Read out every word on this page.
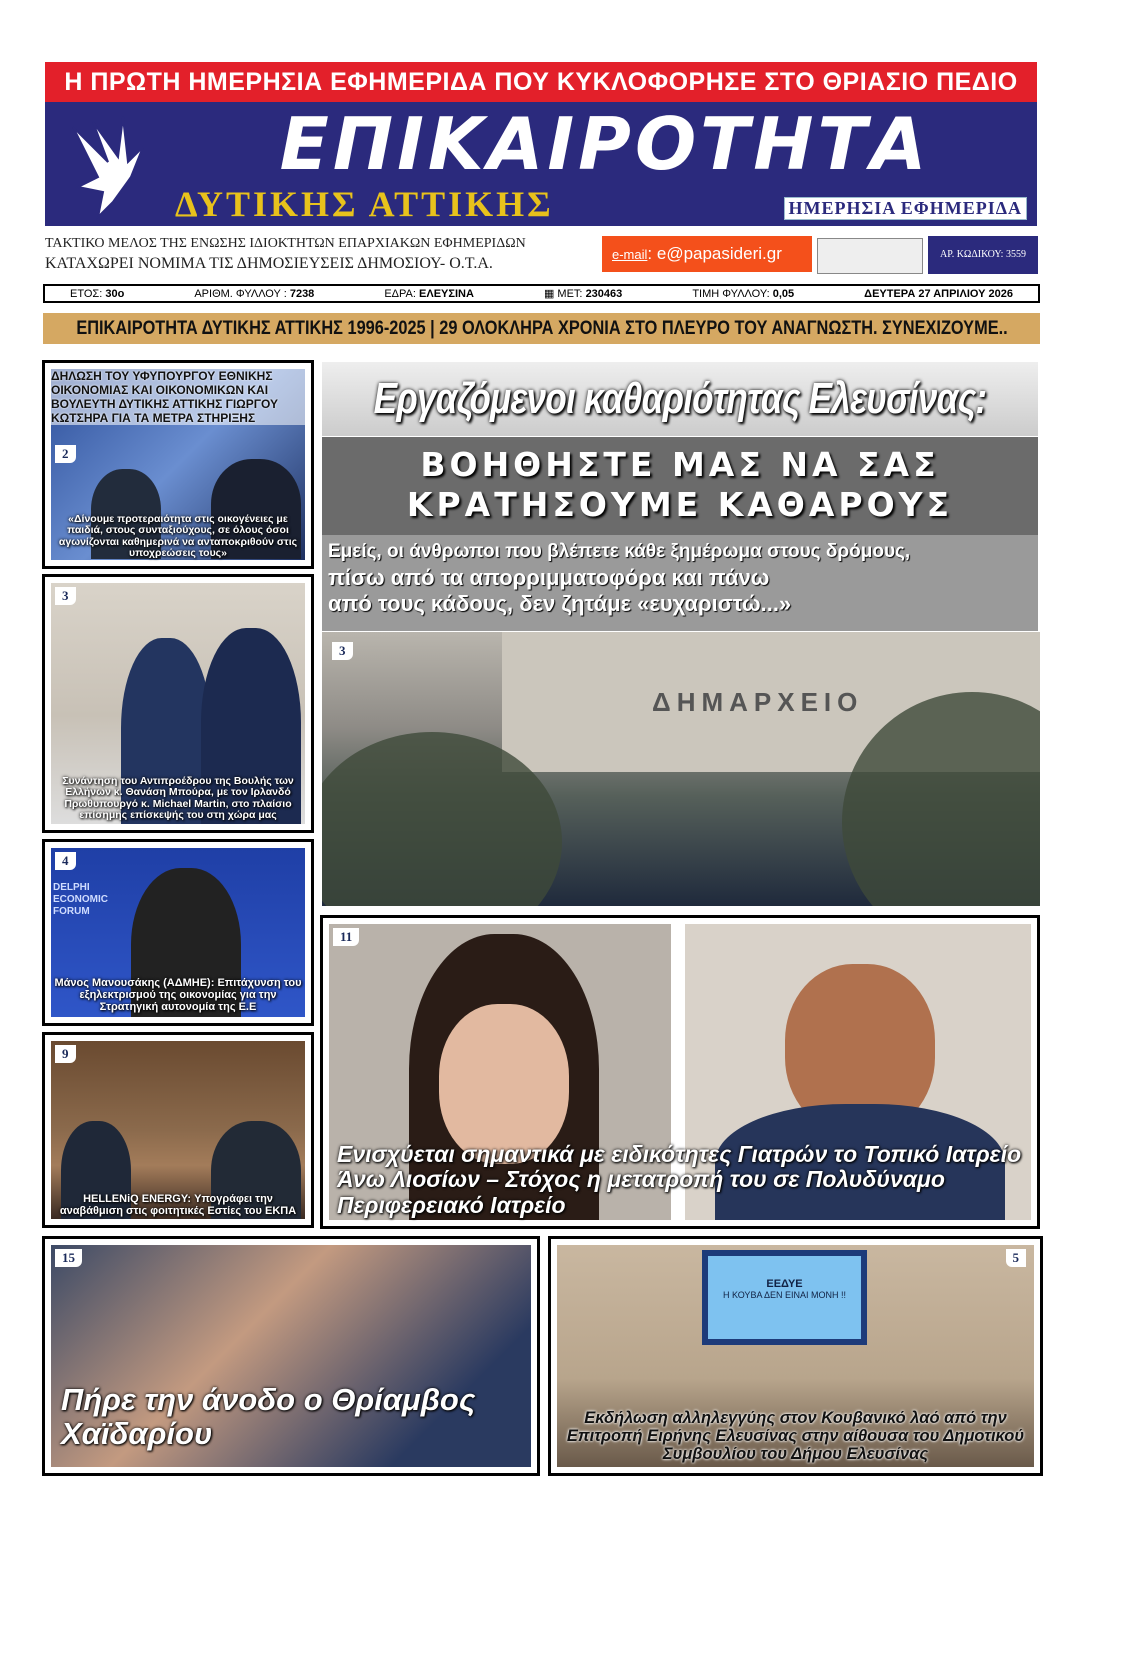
Η ΠΡΩΤΗ ΗΜΕΡΗΣΙΑ ΕΦΗΜΕΡΙΔΑ ΠΟΥ ΚΥΚΛΟΦΟΡΗΣΕ ΣΤΟ ΘΡΙΑΣΙΟ ΠΕΔΙΟ
ΕΠΙΚΑΙΡΟΤΗΤΑ
ΔΥΤΙΚΗΣ ΑΤΤΙΚΗΣ	ΗΜΕΡΗΣΙΑ ΕΦΗΜΕΡΙΔΑ
ΤΑΚΤΙΚΟ ΜΕΛΟΣ ΤΗΣ ΕΝΩΣΗΣ ΙΔΙΟΚΤΗΤΩΝ ΕΠΑΡΧΙΑΚΩΝ ΕΦΗΜΕΡΙΔΩΝ
ΚΑΤΑΧΩΡΕΙ ΝΟΜΙΜΑ ΤΙΣ ΔΗΜΟΣΙΕΥΣΕΙΣ ΔΗΜΟΣΙΟΥ- Ο.Τ.Α.
e-mail: e@papasideri.gr	ΑΡ. ΚΩΔΙΚΟΥ: 3559
ΕΤΟΣ: 30ο	ΑΡΙΘΜ. ΦΥΛΛΟΥ : 7238	ΕΔΡΑ: ΕΛΕΥΣΙΝΑ	▦ ΜΕΤ: 230463	ΤΙΜΗ ΦΥΛΛΟΥ: 0,05	ΔΕΥΤΕΡΑ 27 ΑΠΡΙΛΙΟΥ 2026
ΕΠΙΚΑΙΡΟΤΗΤΑ ΔΥΤΙΚΗΣ ΑΤΤΙΚΗΣ 1996-2025 | 29 ΟΛΟΚΛΗΡΑ ΧΡΟΝΙΑ ΣΤΟ ΠΛΕΥΡΟ ΤΟΥ ΑΝΑΓΝΩΣΤΗ. ΣΥΝΕΧΙΖΟΥΜΕ..
ΔΗΛΩΣΗ ΤΟΥ ΥΦΥΠΟΥΡΓΟΥ ΕΘΝΙΚΗΣ ΟΙΚΟΝΟΜΙΑΣ ΚΑΙ ΟΙΚΟΝΟΜΙΚΩΝ ΚΑΙ ΒΟΥΛΕΥΤΗ ΔΥΤΙΚΗΣ ΑΤΤΙΚΗΣ ΓΙΩΡΓΟΥ ΚΩΤΣΗΡΑ ΓΙΑ ΤΑ ΜΕΤΡΑ ΣΤΗΡΙΞΗΣ
2
«Δίνουμε προτεραιότητα στις οικογένειες με παιδιά, στους συνταξιούχους, σε όλους όσοι αγωνίζονται καθημερινά να ανταποκριθούν στις υποχρεώσεις τους»
3
Συνάντηση του Αντιπροέδρου της Βουλής των Ελλήνων κ. Θανάση Μπούρα, με τον Ιρλανδό Πρωθυπουργό κ. Michael Martin, στο πλαίσιο επίσημης επίσκεψής του στη χώρα μας
DELPHI ECONOMIC FORUM
4
Μάνος Μανουσάκης (ΑΔΜΗΕ): Επιτάχυνση του εξηλεκτρισμού της οικονομίας για την Στρατηγική αυτονομία της Ε.Ε
9
HELLENiQ ENERGY: Υπογράφει την αναβάθμιση στις φοιτητικές Εστίες του ΕΚΠΑ
Εργαζόμενοι καθαριότητας Ελευσίνας:
ΒΟΗΘΗΣΤΕ ΜΑΣ ΝΑ ΣΑΣ
ΚΡΑΤΗΣΟΥΜΕ ΚΑΘΑΡΟΥΣ
Εμείς, οι άνθρωποι που βλέπετε κάθε ξημέρωμα στους δρόμους,
πίσω από τα απορριμματοφόρα και πάνω
από τους κάδους, δεν ζητάμε «ευχαριστώ...»
ΔΗΜΑΡΧΕΙΟ
3
11
Ενισχύεται σημαντικά με ειδικότητες Γιατρών το Τοπικό Ιατρείο Άνω Λιοσίων – Στόχος η μετατροπή του σε Πολυδύναμο Περιφερειακό Ιατρείο
15
Πήρε την άνοδο ο Θρίαμβος Χαϊδαρίου
ΕΕΔΥΕ
Η ΚΟΥΒΑ ΔΕΝ ΕΙΝΑΙ ΜΟΝΗ !!
5
Εκδήλωση αλληλεγγύης στον Κουβανικό λαό από την Επιτροπή Ειρήνης Ελευσίνας στην αίθουσα του Δημοτικού Συμβουλίου του Δήμου Ελευσίνας
